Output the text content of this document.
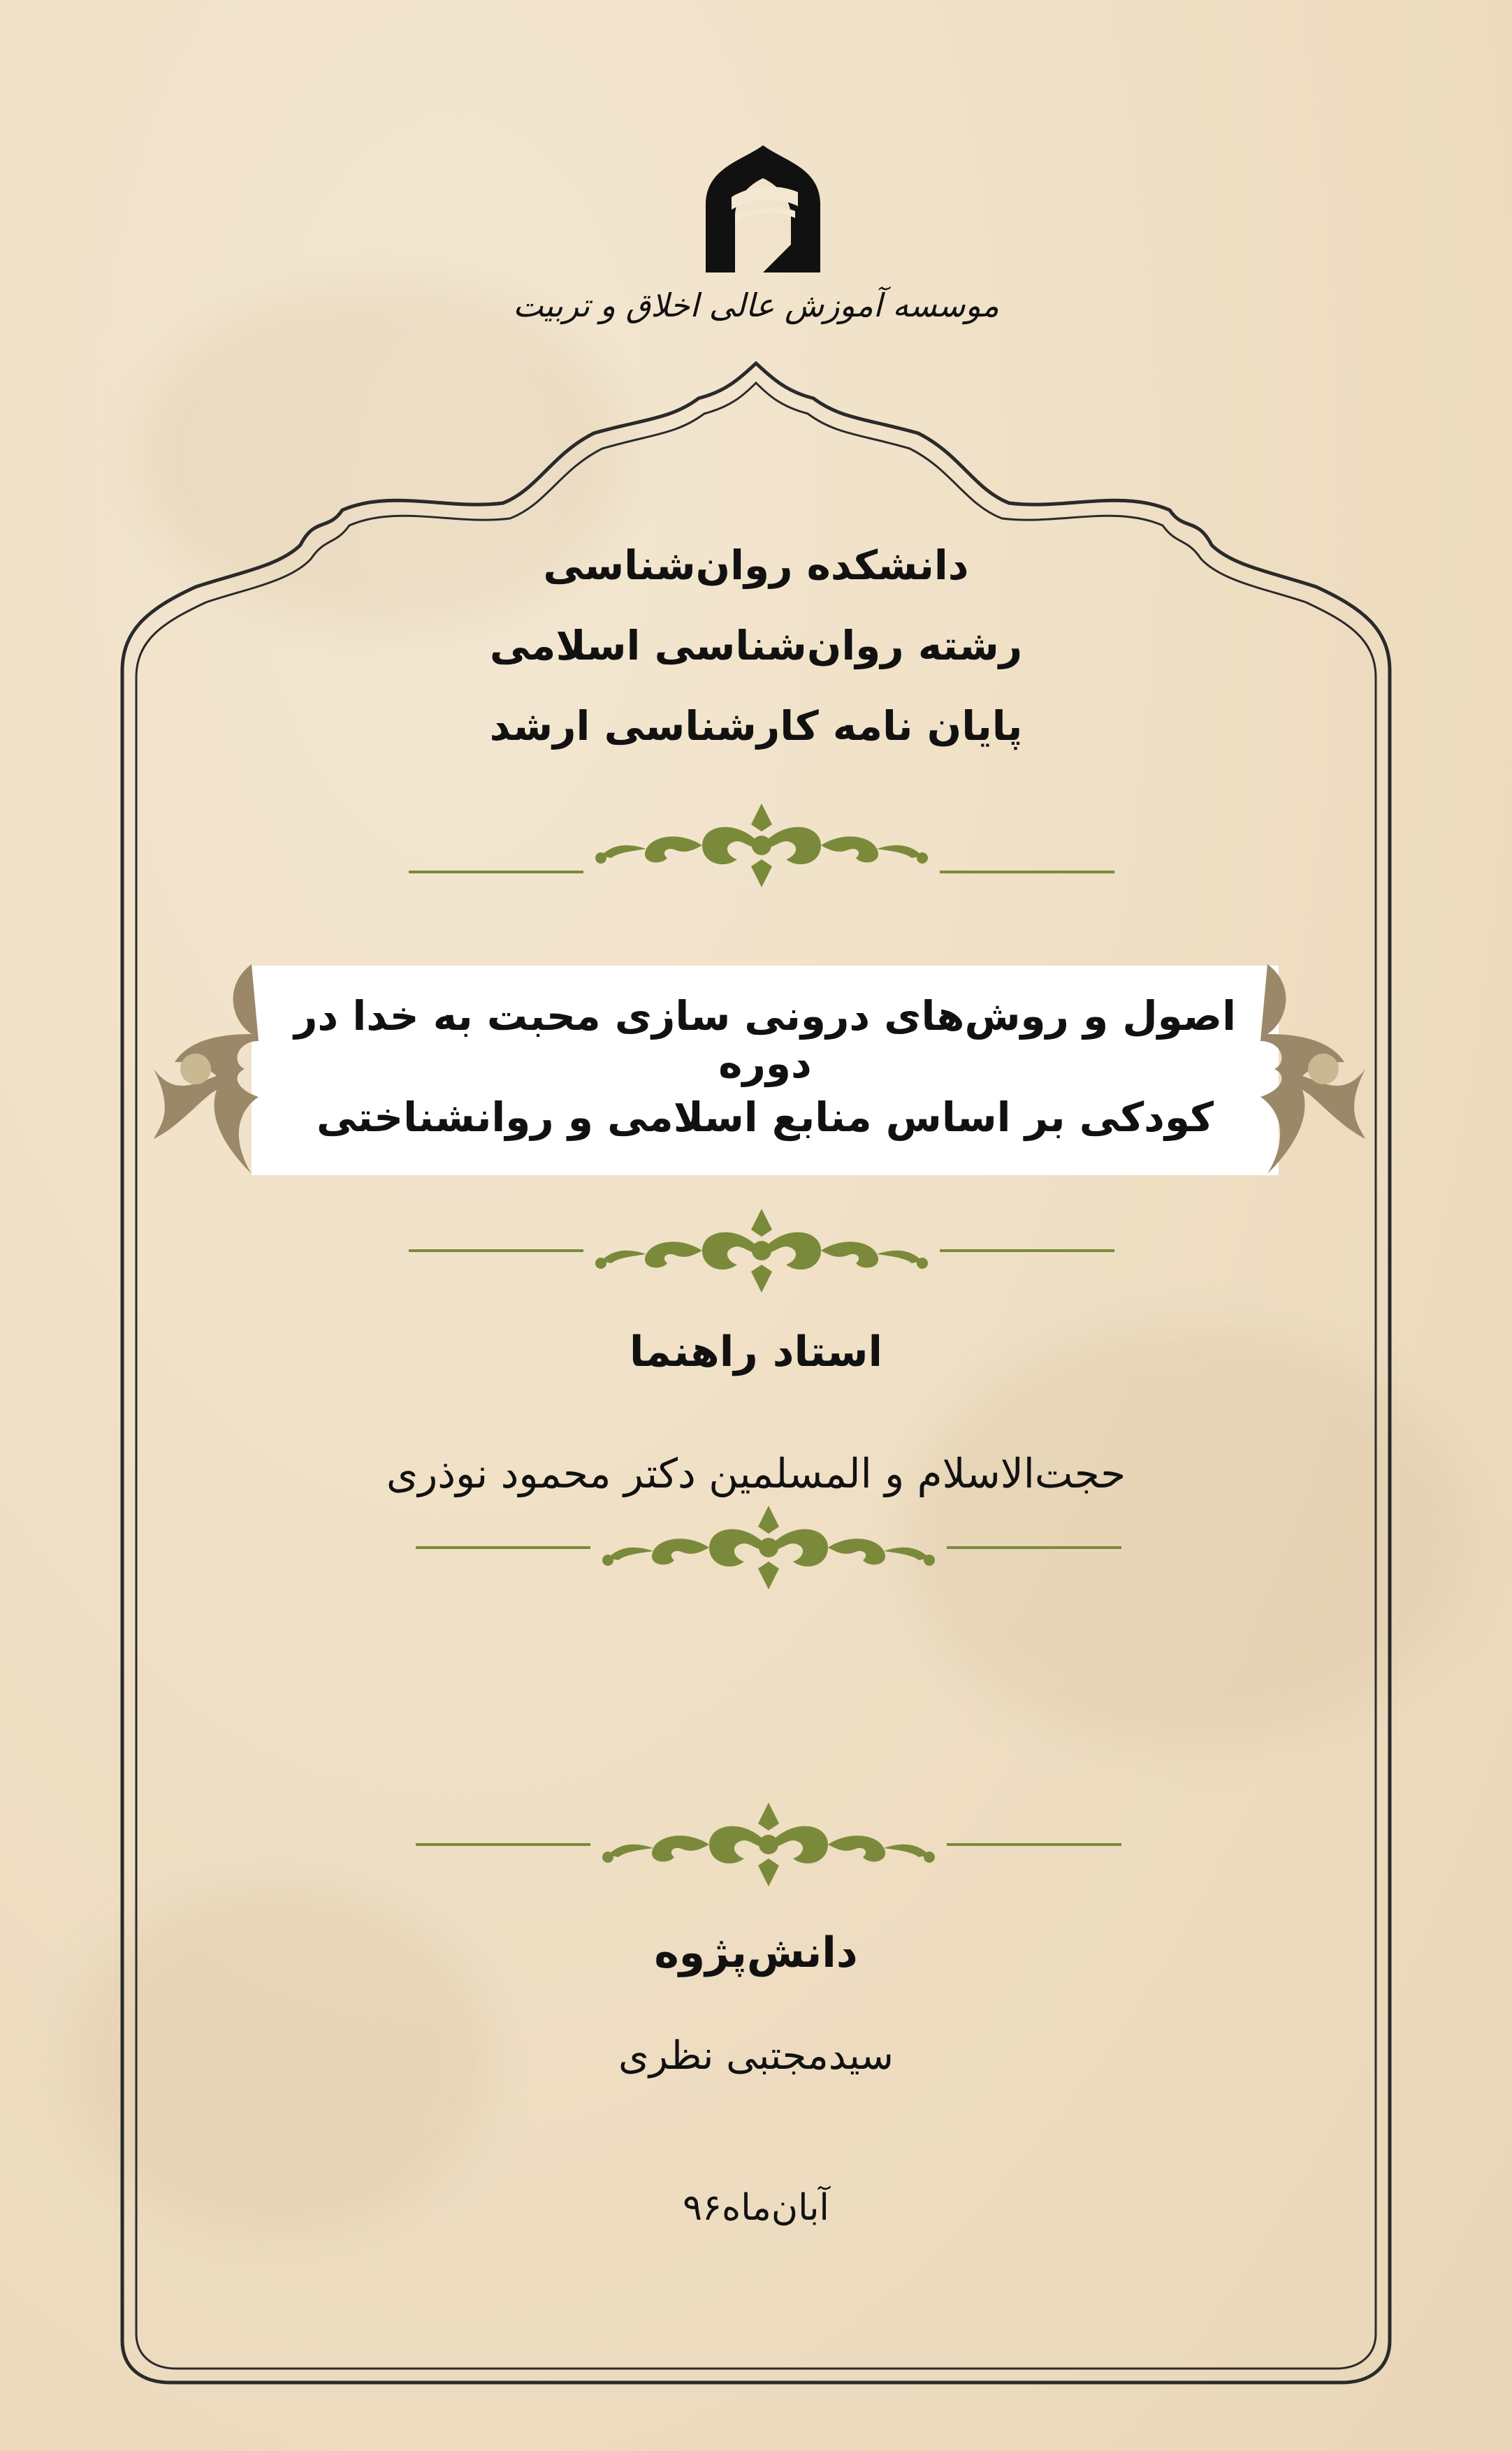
موسسه آموزش عالی اخلاق و تربیت
دانشکده روان‌شناسی
رشته روان‌شناسی اسلامی
پایان نامه کارشناسی ارشد
اصول و روش‌های درونی سازی محبت به خدا در دوره
کودکی بر اساس منابع اسلامی و روانشناختی
استاد راهنما
حجت‌الاسلام و المسلمین دکتر محمود نوذری
دانش‌پژوه
سیدمجتبی نظری
آبان‌ماه۹۶
